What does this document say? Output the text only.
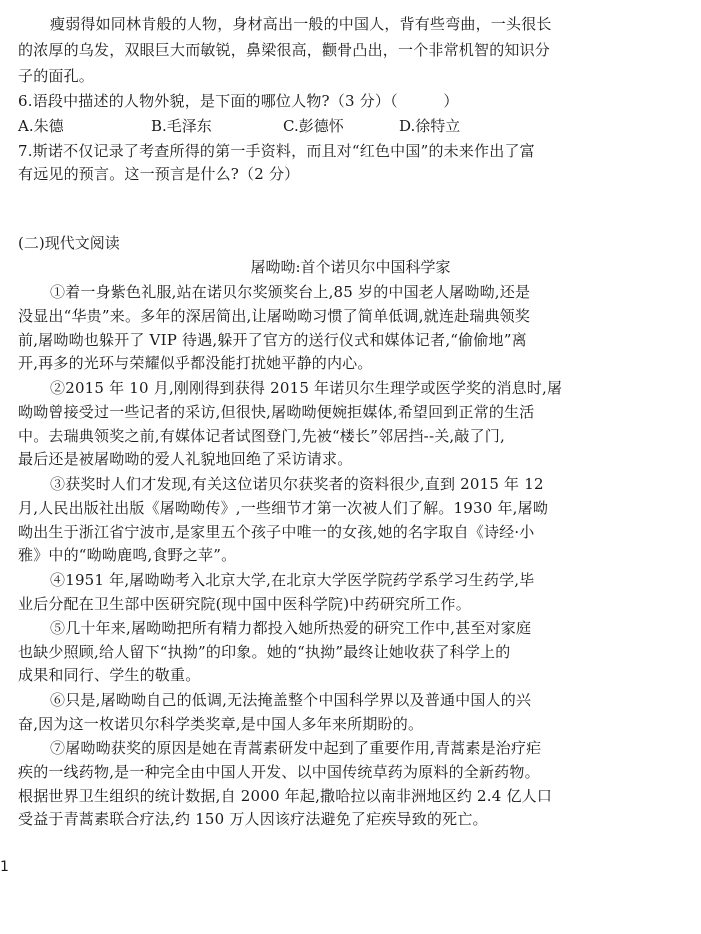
瘦弱得如同林肯般的人物，身材高出一般的中国人，背有些弯曲，一头很长
的浓厚的乌发，双眼巨大而敏锐，鼻梁很高，颧骨凸出，一个非常机智的知识分
子的面孔。
6.语段中描述的人物外貌，是下面的哪位人物?（3 分）（　　　）
A.朱德	B.毛泽东	C.彭德怀	D.徐特立
7.斯诺不仅记录了考查所得的第一手资料，而且对“红色中国”的未来作出了富
有远见的预言。这一预言是什么?（2 分）
(二)现代文阅读
屠呦呦:首个诺贝尔中国科学家
①着一身紫色礼服,站在诺贝尔奖颁奖台上,85 岁的中国老人屠呦呦,还是
没显出“华贵”来。多年的深居简出,让屠呦呦习惯了简单低调,就连赴瑞典领奖
前,屠呦呦也躲开了 VIP 待遇,躲开了官方的送行仪式和媒体记者,“偷偷地”离
开,再多的光环与荣耀似乎都没能打扰她平静的内心。
②2015 年 10 月,刚刚得到获得 2015 年诺贝尔生理学或医学奖的消息时,屠
呦呦曾接受过一些记者的采访,但很快,屠呦呦便婉拒媒体,希望回到正常的生活
中。去瑞典领奖之前,有媒体记者试图登门,先被“楼长”邻居挡--关,敲了门,
最后还是被屠呦呦的爱人礼貌地回绝了采访请求。
③获奖时人们才发现,有关这位诺贝尔获奖者的资料很少,直到 2015 年 12
月,人民出版社出版《屠呦呦传》,一些细节才第一次被人们了解。1930 年,屠呦
呦出生于浙江省宁波市,是家里五个孩子中唯一的女孩,她的名字取自《诗经·小
雅》中的“呦呦鹿鸣,食野之苹”。
④1951 年,屠呦呦考入北京大学,在北京大学医学院药学系学习生药学,毕
业后分配在卫生部中医研究院(现中国中医科学院)中药研究所工作。
⑤几十年来,屠呦呦把所有精力都投入她所热爱的研究工作中,甚至对家庭
也缺少照顾,给人留下“执拗”的印象。她的“执拗”最终让她收获了科学上的
成果和同行、学生的敬重。
⑥只是,屠呦呦自己的低调,无法掩盖整个中国科学界以及普通中国人的兴
奋,因为这一枚诺贝尔科学类奖章,是中国人多年来所期盼的。
⑦屠呦呦获奖的原因是她在青蒿素研发中起到了重要作用,青蒿素是治疗疟
疾的一线药物,是一种完全由中国人开发、以中国传统草药为原料的全新药物。
根据世界卫生组织的统计数据,自 2000 年起,撒哈拉以南非洲地区约 2.4 亿人口
受益于青蒿素联合疗法,约 150 万人因该疗法避免了疟疾导致的死亡。
1
